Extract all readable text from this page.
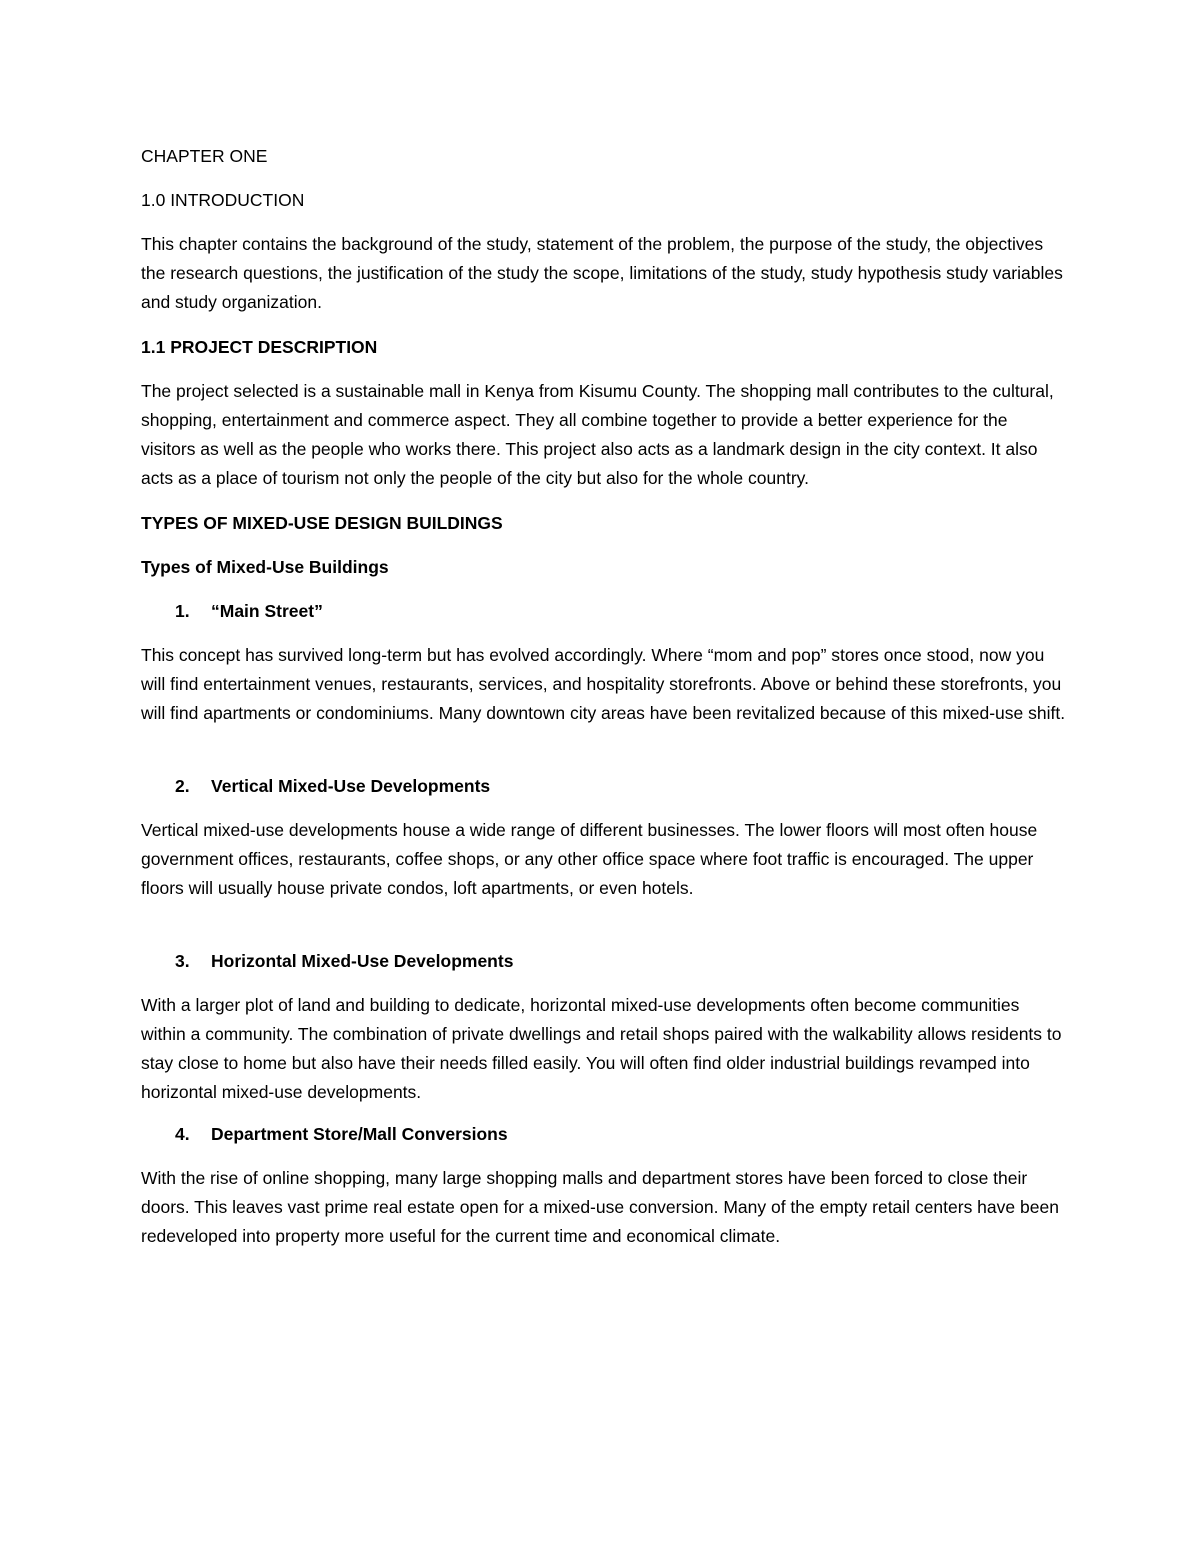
CHAPTER ONE
1.0 INTRODUCTION

This chapter contains the background of the study, statement of the problem, the purpose of the study, the objectives the research questions, the justification of the study the scope, limitations of the study, study hypothesis study variables and study organization.

1.1 PROJECT DESCRIPTION

The project selected is a sustainable mall in Kenya from Kisumu County. The shopping mall contributes to the cultural, shopping, entertainment and commerce aspect. They all combine together to provide a better experience for the visitors as well as the people who works there. This project also acts as a landmark design in the city context. It also acts as a place of tourism not only the people of the city but also for the whole country.

TYPES OF MIXED-USE DESIGN BUILDINGS
Types of Mixed-Use Buildings
1.	“Main Street”

This concept has survived long-term but has evolved accordingly. Where “mom and pop” stores once stood, now you will find entertainment venues, restaurants, services, and hospitality storefronts. Above or behind these storefronts, you will find apartments or condominiums. Many downtown city areas have been revitalized because of this mixed-use shift.

2.	Vertical Mixed-Use Developments

Vertical mixed-use developments house a wide range of different businesses. The lower floors will most often house government offices, restaurants, coffee shops, or any other office space where foot traffic is encouraged. The upper floors will usually house private condos, loft apartments, or even hotels.

3.	Horizontal Mixed-Use Developments

With a larger plot of land and building to dedicate, horizontal mixed-use developments often become communities within a community. The combination of private dwellings and retail shops paired with the walkability allows residents to stay close to home but also have their needs filled easily. You will often find older industrial buildings revamped into horizontal mixed-use developments.

4.	Department Store/Mall Conversions

With the rise of online shopping, many large shopping malls and department stores have been forced to close their doors. This leaves vast prime real estate open for a mixed-use conversion. Many of the empty retail centers have been redeveloped into property more useful for the current time and economical climate.
